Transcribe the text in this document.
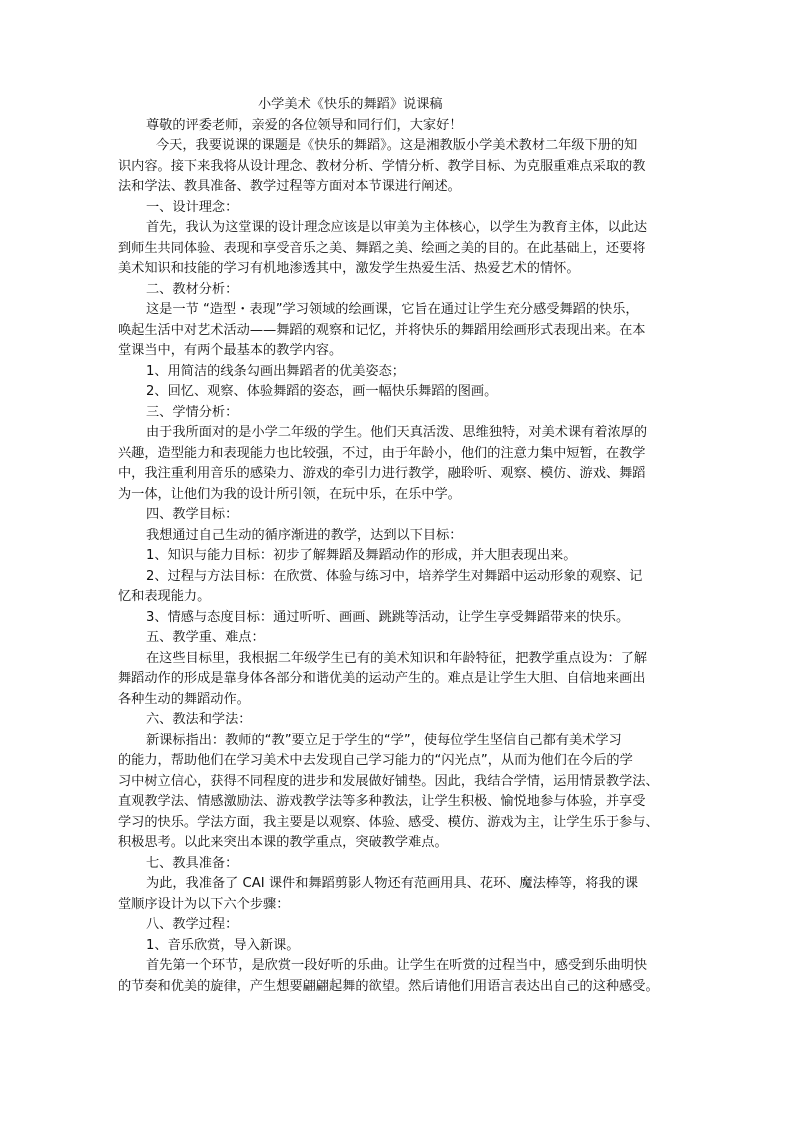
小学美术《快乐的舞蹈》说课稿
尊敬的评委老师，亲爱的各位领导和同行们，大家好！
今天，我要说课的课题是《快乐的舞蹈》。这是湘教版小学美术教材二年级下册的知
识内容。接下来我将从设计理念、教材分析、学情分析、教学目标、为克服重难点采取的教
法和学法、教具准备、教学过程等方面对本节课进行阐述。
一、设计理念：
首先，我认为这堂课的设计理念应该是以审美为主体核心，以学生为教育主体，以此达
到师生共同体验、表现和享受音乐之美、舞蹈之美、绘画之美的目的。在此基础上，还要将
美术知识和技能的学习有机地渗透其中，激发学生热爱生活、热爱艺术的情怀。
二、教材分析：
这是一节 “造型・表现”学习领域的绘画课，它旨在通过让学生充分感受舞蹈的快乐，
唤起生活中对艺术活动——舞蹈的观察和记忆，并将快乐的舞蹈用绘画形式表现出来。在本
堂课当中，有两个最基本的教学内容。
1、用简洁的线条勾画出舞蹈者的优美姿态；
2、回忆、观察、体验舞蹈的姿态，画一幅快乐舞蹈的图画。
三、学情分析：
由于我所面对的是小学二年级的学生。他们天真活泼、思维独特，对美术课有着浓厚的
兴趣，造型能力和表现能力也比较强，不过，由于年龄小，他们的注意力集中短暂，在教学
中，我注重利用音乐的感染力、游戏的牵引力进行教学，融聆听、观察、模仿、游戏、舞蹈
为一体，让他们为我的设计所引领，在玩中乐，在乐中学。
四、教学目标：
我想通过自己生动的循序渐进的教学，达到以下目标：
1、知识与能力目标：初步了解舞蹈及舞蹈动作的形成，并大胆表现出来。
2、过程与方法目标：在欣赏、体验与练习中，培养学生对舞蹈中运动形象的观察、记
忆和表现能力。
3、情感与态度目标：通过听听、画画、跳跳等活动，让学生享受舞蹈带来的快乐。
五、教学重、难点：
在这些目标里，我根据二年级学生已有的美术知识和年龄特征，把教学重点设为：了解
舞蹈动作的形成是靠身体各部分和谐优美的运动产生的。难点是让学生大胆、自信地来画出
各种生动的舞蹈动作。
六、教法和学法：
新课标指出：教师的“教”要立足于学生的“学”，使每位学生坚信自己都有美术学习
的能力，帮助他们在学习美术中去发现自己学习能力的“闪光点”，从而为他们在今后的学
习中树立信心，获得不同程度的进步和发展做好铺垫。因此，我结合学情，运用情景教学法、
直观教学法、情感激励法、游戏教学法等多种教法，让学生积极、愉悦地参与体验，并享受
学习的快乐。学法方面，我主要是以观察、体验、感受、模仿、游戏为主，让学生乐于参与、
积极思考。以此来突出本课的教学重点，突破教学难点。
七、教具准备：
为此，我准备了 CAI 课件和舞蹈剪影人物还有范画用具、花环、魔法棒等，将我的课
堂顺序设计为以下六个步骤：
八、教学过程：
1、音乐欣赏，导入新课。
首先第一个环节，是欣赏一段好听的乐曲。让学生在听赏的过程当中，感受到乐曲明快
的节奏和优美的旋律，产生想要翩翩起舞的欲望。然后请他们用语言表达出自己的这种感受。
